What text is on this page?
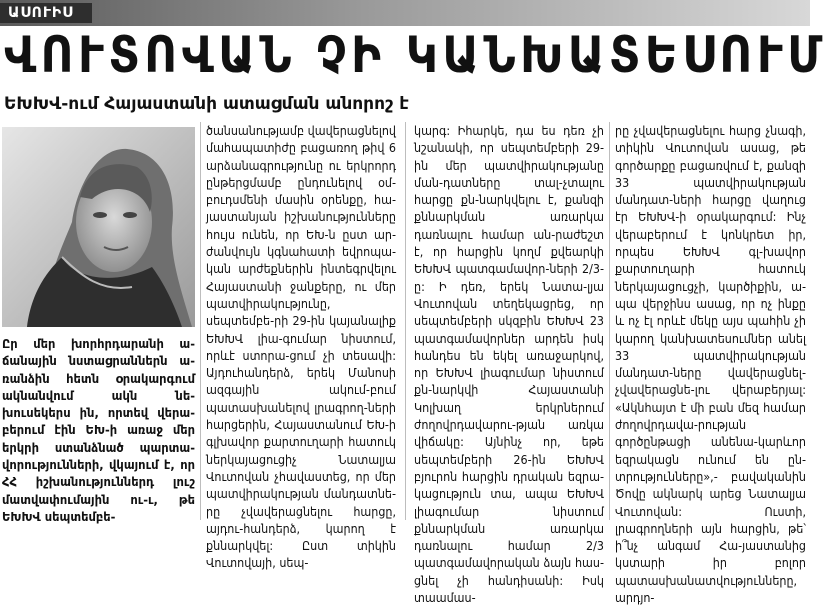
ԱՍՈՒԻՍ
ՎՈՒՏՈՎԱՆ ՉԻ ԿԱՆԽԱՏԵՍՈՒՄ
ԵԽԽՎ-ում Հայաստանի ատացման անորոշ է

Ըր մեր խորհրդարանի ա-ճանային նստացրաններն ա-ռանձին հետն օրակարգում ակնանվում ակն նե-խուսեկերս ին, որտեվ վերա-բերում էին ԵԽ-ի առաջ մեր երկրի ստանձնած պարտա-վորությունների, վկայում է, որ ՀՀ իշխանություններդ լուշ մատվափումային ու-ւ, թե ԵԽԽՎ սեպտեմբե-

ծանսանությամբ վավերացնելով մահապատիժը բացառող թիվ 6 արձանագրությունը ու երկրորդ ընթերցմամբ ընդունելով օմ-բուդսմենի մասին օրենքը, հա-յաստանյան իշխանությունները հույս ունեն, որ ԵԽ-ն ըստ ար-ժանվույն կգնահատի եվրոպա-կան արժեքներին ինտեգրվելու Հայաստանի ջանքերը, ու մեր պատվիրակությունը, սեպտեմբե-րի 29-ին կայանալիք ԵԽԽՎ լիա-գումար նիստում, որևէ ստորա-ցում չի տեսավի: Այդուհանդերձ, երեկ Մանոսի ազգային ակում-բում պատասխանելով լրագրող-ների հարցերին, Հայաստանում ԵԽ-ի գլխավոր քարտուղարի հատուկ ներկայացուցիչ Նատալյա Վուտովան չհավաստեց, որ մեր պատվիրակության մանդատնե-րը չվավերացնելու հարցը, այդու-հանդերձ, կարող է քննարկվել: Ըստ տիկին Վուտովայի, սեպ-

կարգ: Իհարկե, դա ես դեռ չի նշանակի, որ սեպտեմբերի 29-ին մեր պատվիրակությանը ման-դատները տալ-չտալու հարցը քն-նարկվելու է, քանզի քննարկման առարկա դառնալու համար ան-րաժեշտ է, որ հարցին կողմ քվեարկի ԵԽԽՎ պատգամավոր-ների 2/3-ը: Ի դեռ, երեկ Նատա-լյա Վուտովան տեղեկացրեց, որ սեպտեմբերի սկզբին ԵԽԽՎ 23 պատգամավորներ արդեն իսկ հանդես են եկել առաջարկով, որ ԵԽԽՎ լիագումար նիստում քն-նարկվի Հայաստանի Կոլխաղ երկրներում ժողովրդավարու-թյան առկա վիճակը: Այնինչ որ, եթե սեպտեմբերի 26-ին ԵԽԽՎ բյուրոն հարցին դրական եզրա-կացություն տա, ապա ԵԽԽՎ լիագումար նիստում քննարկման առարկա դառնալու համար 2/3 պատգամավորական ձայն հաս-ցնել չի հանդիսանի: Իսկ տաամաս-

րը չվավերացնելու հարց չնագի, տիկին Վուտովան ասաց, թե գործարքը բացառվում է, քանզի 33 պատվիրակության մանդատ-ների հարցը վաղուց էր ԵԽԽՎ-ի օրակարգում: Ինչ վերաբերում է կոնկրետ իր, որպես ԵԽԽՎ գլ-խավոր քարտուղարի հատուկ ներկայացուցչի, կարծիքին, ա-պա վերջինս ասաց, որ ոչ ինքը և ոչ էլ որևէ մեկը այս պահին չի կարող կանխատեսումներ անել 33 պատվիրակության մանդատ-ները վավերացնել-չվավերացնե-լու վերաբերյալ: «Ակնհայտ է մի բան մեզ համար ժողովրդավա-րության գործընթացի անենա-կարևոր եզրակացն ունում են ըն-տրությունները»,- բավականին Ծովը ակնարկ արեց Նատալյա Վուտովան: Ուստի, լրագրողների այն հարցին, թե՝ ի՞նչ անգամ Հա-յաստանից կստարի իր բոլոր պատասխանատվությունները, արդյո-
